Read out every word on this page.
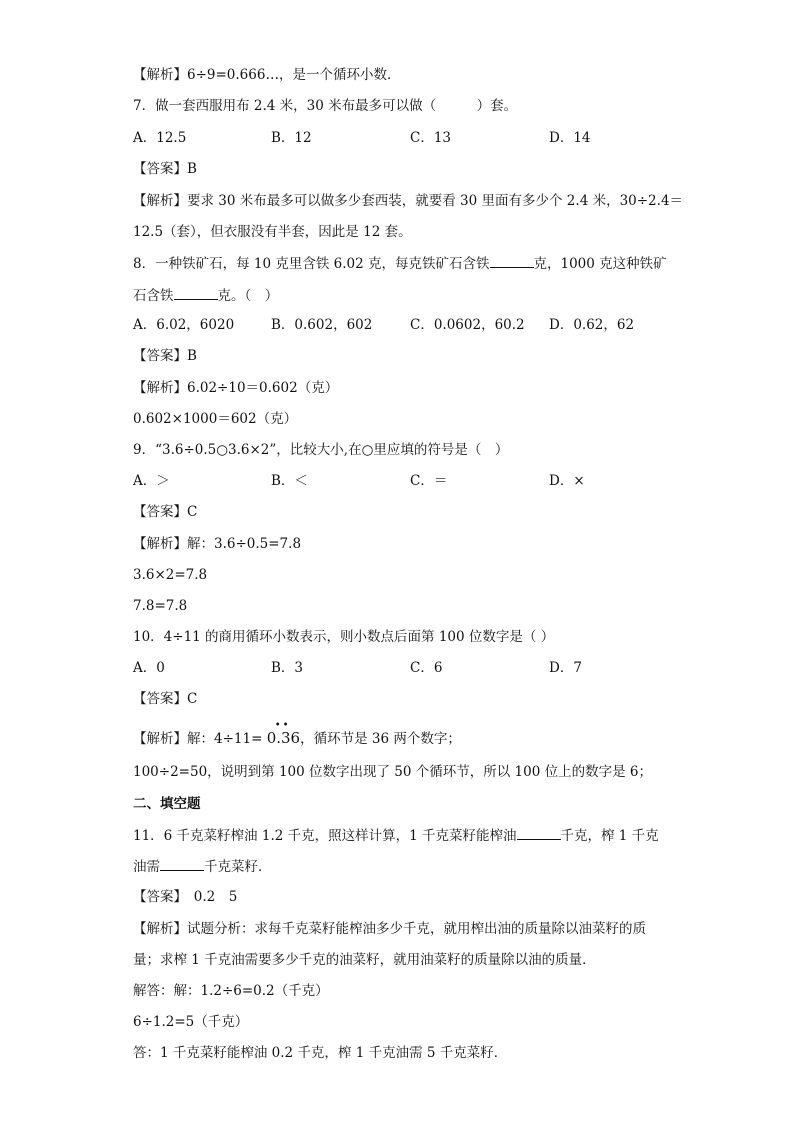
【解析】6÷9=0.666…，是一个循环小数．
7．做一套西服用布 2.4 米，30 米布最多可以做（　　　）套。
A．12.5	B．12	C．13	D．14
【答案】B
【解析】要求 30 米布最多可以做多少套西装，就要看 30 里面有多少个 2.4 米，30÷2.4＝
12.5（套），但衣服没有半套，因此是 12 套。
8．一种铁矿石，每 10 克里含铁 6.02 克，每克铁矿石含铁	克，1000 克这种铁矿
石含铁	克。（　）
A．6.02，6020	B．0.602，602	C．0.0602，60.2 D．0.62，62
【答案】B
【解析】6.02÷10＝0.602（克）
0.602×1000＝602（克）
9．“3.6÷0.5○3.6×2”，比较大小,在○里应填的符号是（　）
A．＞	B．＜	C．＝	D．×
【答案】C
【解析】解：3.6÷0.5=7.8
3.6×2=7.8
7.8=7.8
10．4÷11 的商用循环小数表示，则小数点后面第 100 位数字是（ ）
A．0	B．3	C．6	D．7
【答案】C
【解析】解：4÷11=
••
0.36，循环节是 36 两个数字；
100÷2=50，说明到第 100 位数字出现了 50 个循环节，所以 100 位上的数字是 6；
二、填空题
11．6 千克菜籽榨油 1.2 千克，照这样计算，1 千克菜籽能榨油	千克，榨 1 千克
油需	千克菜籽．
【答案】　0.2　5
【解析】试题分析：求每千克菜籽能榨油多少千克，就用榨出油的质量除以油菜籽的质
量；求榨 1 千克油需要多少千克的油菜籽，就用油菜籽的质量除以油的质量．
解答：解：1.2÷6=0.2（千克）
6÷1.2=5（千克）
答：1 千克菜籽能榨油 0.2 千克，榨 1 千克油需 5 千克菜籽．
